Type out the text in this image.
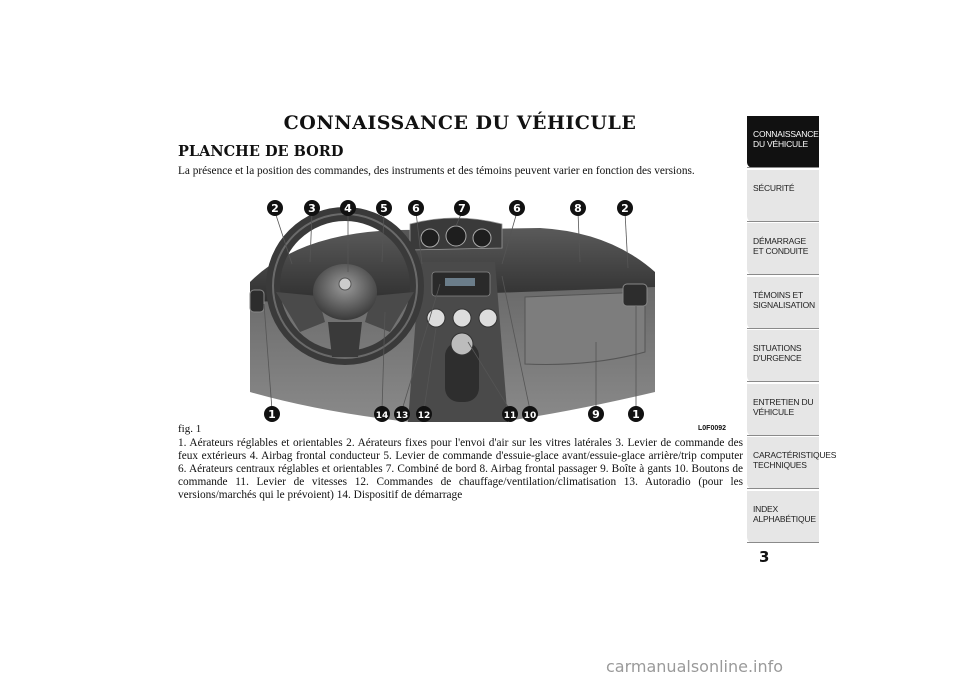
CONNAISSANCE DU VÉHICULE
PLANCHE DE BORD
La présence et la position des commandes, des instruments et des témoins peuvent varier en fonction des versions.
2	3	4	5 6	7	6	8	2
1	14 13 12	11 10	9	1
fig. 1	L0F0092
1. Aérateurs réglables et orientables 2. Aérateurs fixes pour l'envoi d'air sur les vitres latérales 3. Levier de commande des feux extérieurs 4. Airbag frontal conducteur 5. Levier de commande d'essuie-glace avant/essuie-glace arrière/trip computer 6. Aérateurs centraux réglables et orientables 7. Combiné de bord 8. Airbag frontal passager 9. Boîte à gants 10. Boutons de commande 11. Levier de vitesses 12. Commandes de chauffage/ventilation/climatisation 13. Autoradio (pour les versions/marchés qui le prévoient) 14. Dispositif de démarrage
CONNAISSANCE DU VÉHICULE
SÉCURITÉ
DÉMARRAGE ET CONDUITE
TÉMOINS ET SIGNALISATION
SITUATIONS D'URGENCE
ENTRETIEN DU VÉHICULE
CARACTÉRISTIQUES TECHNIQUES
INDEX ALPHABÉTIQUE
3
carmanualsonline.info
